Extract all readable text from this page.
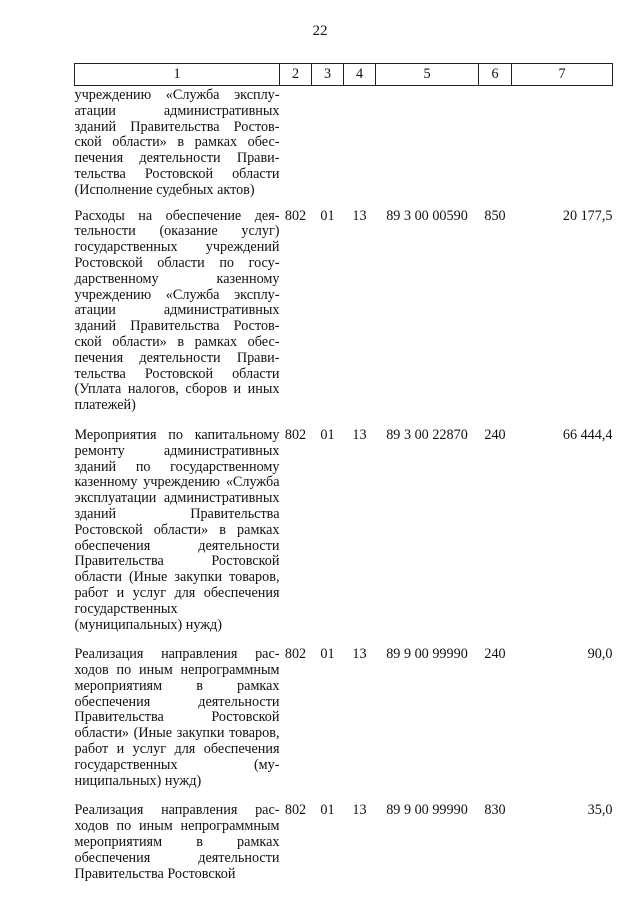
22
1	2	3	4	5	6	7
учреждению «Служба эксплуатации административных зданий Правительства Ростовской области» в рамках обеспечения деятельности Правительства Ростовской области (Исполнение судебных актов)						
Расходы на обеспечение деятельности (оказание услуг) государственных учреждений Ростовской области по государственному казенному учреждению «Служба эксплуатации административных зданий Правительства Ростовской области» в рамках обеспечения деятельности Правительства Ростовской области (Уплата налогов, сборов и иных платежей)	802	01	13	89 3 00 00590	850	20 177,5
Мероприятия по капитальному ремонту административных зданий по государственному казенному учреждению «Служба эксплуатации административных зданий Правительства Ростовской области» в рамках обеспечения деятельности Правительства Ростовской области (Иные закупки товаров, работ и услуг для обеспечения государственных (муниципальных) нужд)	802	01	13	89 3 00 22870	240	66 444,4
Реализация направления расходов по иным непрограммным мероприятиям в рамках обеспечения деятельности Правительства Ростовской области» (Иные закупки товаров, работ и услуг для обеспечения государственных (муниципальных) нужд)	802	01	13	89 9 00 99990	240	90,0
Реализация направления расходов по иным непрограммным мероприятиям в рамках обеспечения деятельности Правительства Ростовской	802	01	13	89 9 00 99990	830	35,0
